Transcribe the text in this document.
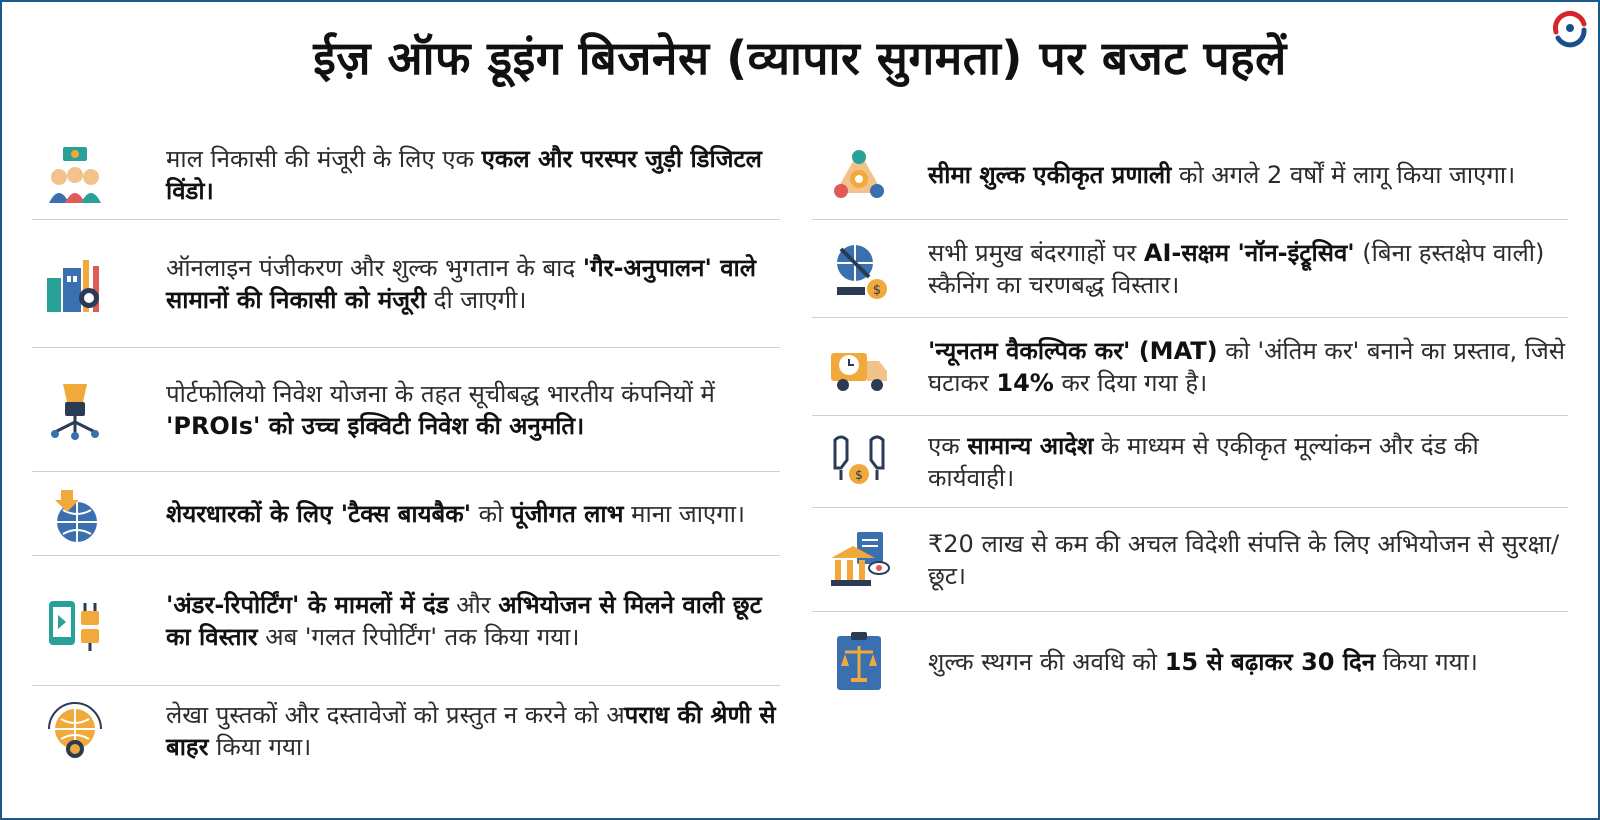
ईज़ ऑफ डूइंग बिजनेस (व्यापार सुगमता) पर बजट पहलें
माल निकासी की मंजूरी के लिए एक एकल और परस्पर जुड़ी डिजिटल विंडो।
ऑनलाइन पंजीकरण और शुल्क भुगतान के बाद 'गैर-अनुपालन' वाले सामानों की निकासी को मंजूरी दी जाएगी।
पोर्टफोलियो निवेश योजना के तहत सूचीबद्ध भारतीय कंपनियों में 'PROIs' को उच्च इक्विटी निवेश की अनुमति।
शेयरधारकों के लिए 'टैक्स बायबैक' को पूंजीगत लाभ माना जाएगा।
'अंडर-रिपोर्टिंग' के मामलों में दंड और अभियोजन से मिलने वाली छूट का विस्तार अब 'गलत रिपोर्टिंग' तक किया गया।
लेखा पुस्तकों और दस्तावेजों को प्रस्तुत न करने को अपराध की श्रेणी से बाहर किया गया।
सीमा शुल्क एकीकृत प्रणाली को अगले 2 वर्षों में लागू किया जाएगा।
$
सभी प्रमुख बंदरगाहों पर AI-सक्षम 'नॉन-इंट्रूसिव' (बिना हस्तक्षेप वाली) स्कैनिंग का चरणबद्ध विस्तार।
'न्यूनतम वैकल्पिक कर' (MAT) को 'अंतिम कर' बनाने का प्रस्ताव, जिसे घटाकर 14% कर दिया गया है।
$
एक सामान्य आदेश के माध्यम से एकीकृत मूल्यांकन और दंड की कार्यवाही।
₹20 लाख से कम की अचल विदेशी संपत्ति के लिए अभियोजन से सुरक्षा/छूट।
शुल्क स्थगन की अवधि को 15 से बढ़ाकर 30 दिन किया गया।
